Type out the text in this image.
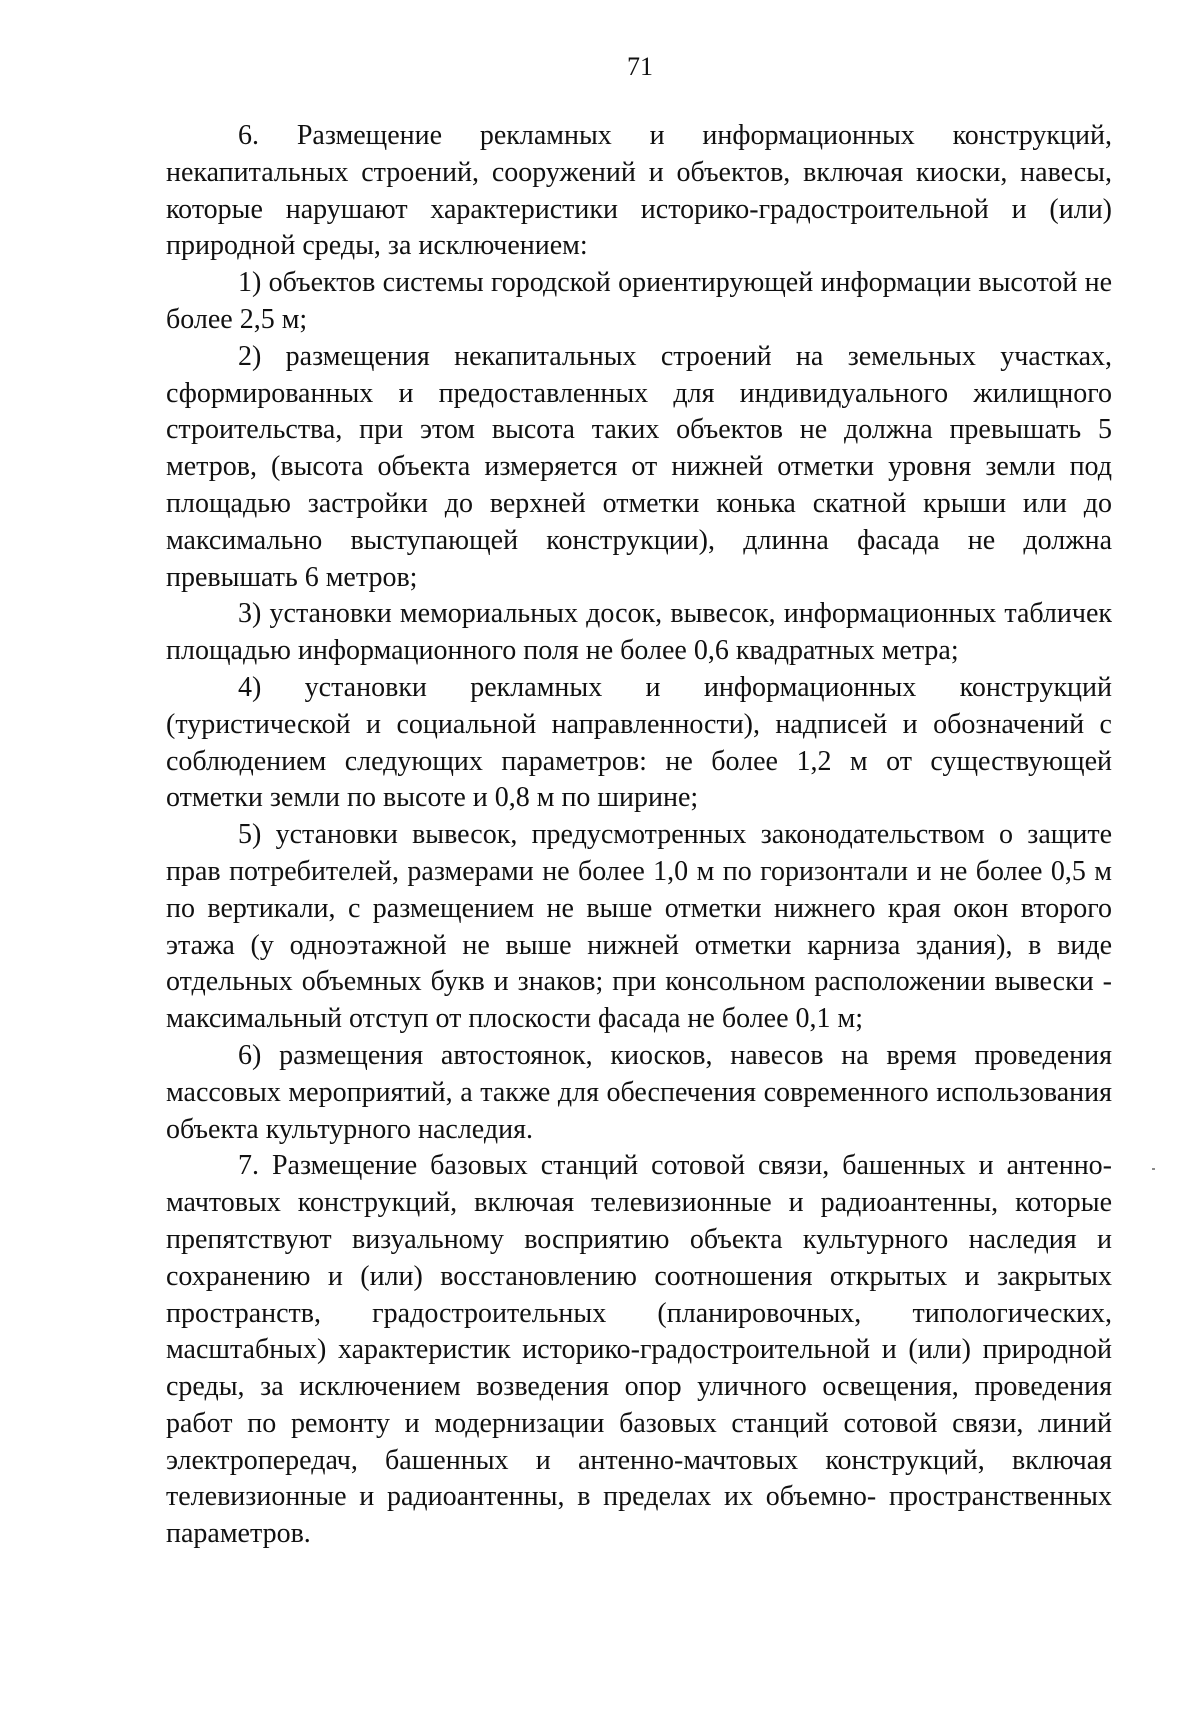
71

6. Размещение рекламных и информационных конструкций, некапитальных строений, сооружений и объектов, включая киоски, навесы, которые нарушают характеристики историко-градостроительной и (или) природной среды, за исключением:

1) объектов системы городской ориентирующей информации высотой не более 2,5 м;

2) размещения некапитальных строений на земельных участках, сформированных и предоставленных для индивидуального жилищного строительства, при этом высота таких объектов не должна превышать 5 метров, (высота объекта измеряется от нижней отметки уровня земли под площадью застройки до верхней отметки конька скатной крыши или до максимально выступающей конструкции), длинна фасада не должна превышать 6 метров;

3) установки мемориальных досок, вывесок, информационных табличек площадью информационного поля не более 0,6 квадратных метра;

4) установки рекламных и информационных конструкций (туристической и социальной направленности), надписей и обозначений с соблюдением следующих параметров: не более 1,2 м от существующей отметки земли по высоте и 0,8 м по ширине;

5) установки вывесок, предусмотренных законодательством о защите прав потребителей, размерами не более 1,0 м по горизонтали и не более 0,5 м по вертикали, с размещением не выше отметки нижнего края окон второго этажа (у одноэтажной не выше нижней отметки карниза здания), в виде отдельных объемных букв и знаков; при консольном расположении вывески - максимальный отступ от плоскости фасада не более 0,1 м;

6) размещения автостоянок, киосков, навесов на время проведения массовых мероприятий, а также для обеспечения современного использования объекта культурного наследия.

7. Размещение базовых станций сотовой связи, башенных и антенно-мачтовых конструкций, включая телевизионные и радиоантенны, которые препятствуют визуальному восприятию объекта культурного наследия и сохранению и (или) восстановлению соотношения открытых и закрытых пространств, градостроительных (планировочных, типологических, масштабных) характеристик историко-градостроительной и (или) природной среды, за исключением возведения опор уличного освещения, проведения работ по ремонту и модернизации базовых станций сотовой связи, линий электропередач, башенных и антенно-мачтовых конструкций, включая телевизионные и радиоантенны, в пределах их объемно- пространственных параметров.
